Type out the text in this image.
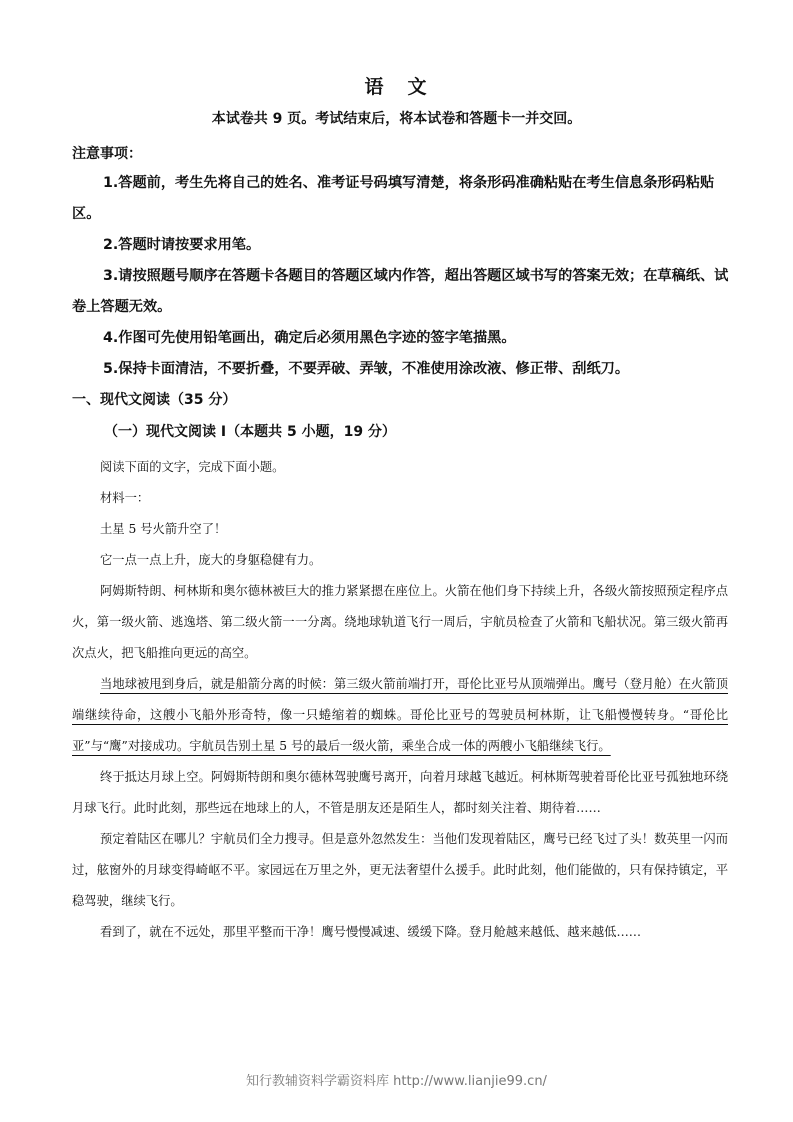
语 文
本试卷共 9 页。考试结束后，将本试卷和答题卡一并交回。
注意事项：

1.答题前，考生先将自己的姓名、准考证号码填写清楚，将条形码准确粘贴在考生信息条形码粘贴区。

2.答题时请按要求用笔。

3.请按照题号顺序在答题卡各题目的答题区域内作答，超出答题区域书写的答案无效；在草稿纸、试卷上答题无效。

4.作图可先使用铅笔画出，确定后必须用黑色字迹的签字笔描黑。

5.保持卡面清洁，不要折叠，不要弄破、弄皱，不准使用涂改液、修正带、刮纸刀。

一、现代文阅读（35 分）
（一）现代文阅读 I（本题共 5 小题，19 分）

阅读下面的文字，完成下面小题。

材料一：

土星 5 号火箭升空了！

它一点一点上升，庞大的身躯稳健有力。

阿姆斯特朗、柯林斯和奥尔德林被巨大的推力紧紧摁在座位上。火箭在他们身下持续上升，各级火箭按照预定程序点火，第一级火箭、逃逸塔、第二级火箭一一分离。绕地球轨道飞行一周后，宇航员检查了火箭和飞船状况。第三级火箭再次点火，把飞船推向更远的高空。

当地球被甩到身后，就是船箭分离的时候：第三级火箭前端打开，哥伦比亚号从顶端弹出。鹰号（登月舱）在火箭顶端继续待命，这艘小飞船外形奇特，像一只蜷缩着的蜘蛛。哥伦比亚号的驾驶员柯林斯，让飞船慢慢转身。“哥伦比亚”与“鹰”对接成功。宇航员告别土星 5 号的最后一级火箭，乘坐合成一体的两艘小飞船继续飞行。

终于抵达月球上空。阿姆斯特朗和奥尔德林驾驶鹰号离开，向着月球越飞越近。柯林斯驾驶着哥伦比亚号孤独地环绕月球飞行。此时此刻，那些远在地球上的人，不管是朋友还是陌生人，都时刻关注着、期待着……

预定着陆区在哪儿？宇航员们全力搜寻。但是意外忽然发生：当他们发现着陆区，鹰号已经飞过了头！数英里一闪而过，舷窗外的月球变得崎岖不平。家园远在万里之外，更无法奢望什么援手。此时此刻，他们能做的，只有保持镇定，平稳驾驶，继续飞行。

看到了，就在不远处，那里平整而干净！鹰号慢慢减速、缓缓下降。登月舱越来越低、越来越低……

知行教辅资料学霸资料库 http://www.lianjie99.cn/
